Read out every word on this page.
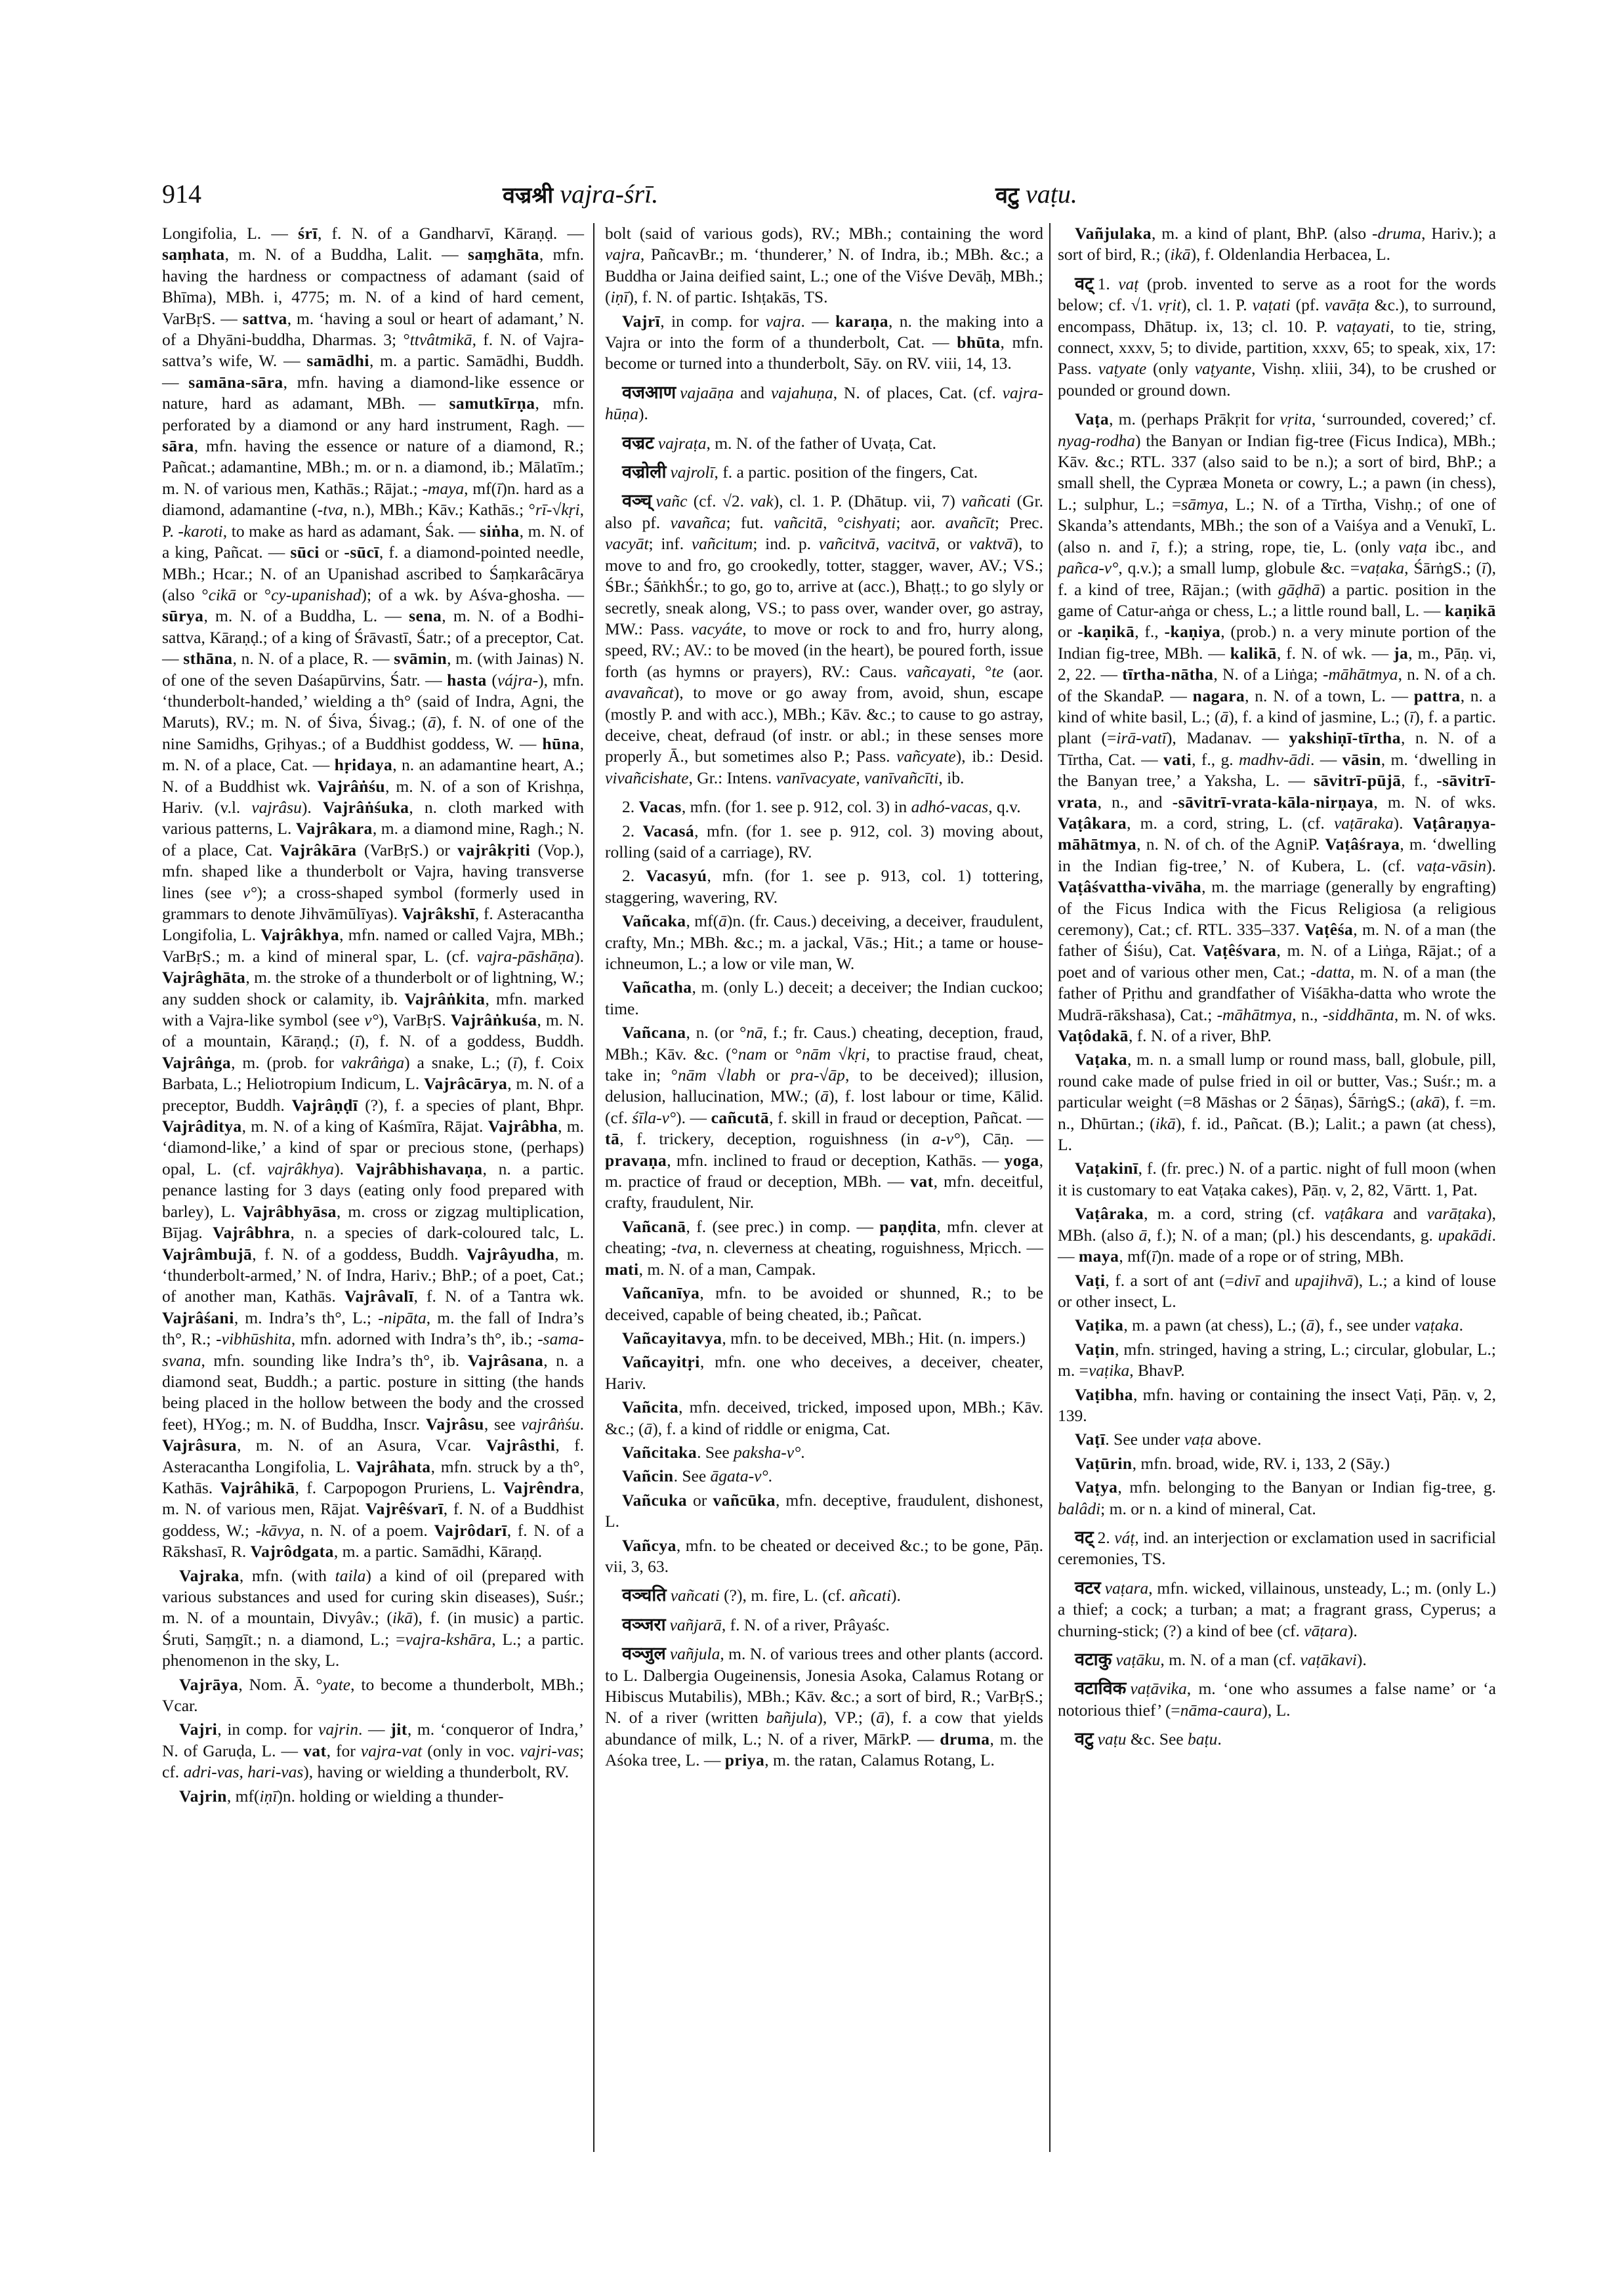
914	वज्रश्री vajra-śrī.	वटु vaṭu.

Longifolia, L. — śrī, f. N. of a Gandharvī, Kāraṇḍ. — saṃhata, m. N. of a Buddha, Lalit. — saṃghāta, mfn. having the hardness or compactness of adamant (said of Bhīma), MBh. i, 4775; m. N. of a kind of hard cement, VarBṛS. — sattva, m. ‘having a soul or heart of adamant,’ N. of a Dhyāni-buddha, Dharmas. 3; °ttvâtmikā, f. N. of Vajra-sattva’s wife, W. — samādhi, m. a partic. Samādhi, Buddh. — samāna-sāra, mfn. having a diamond-like essence or nature, hard as adamant, MBh. — samutkīrṇa, mfn. perforated by a diamond or any hard instrument, Ragh. — sāra, mfn. having the essence or nature of a diamond, R.; Pañcat.; adamantine, MBh.; m. or n. a diamond, ib.; Mālatīm.; m. N. of various men, Kathās.; Rājat.; -maya, mf(ī)n. hard as a diamond, adamantine (-tva, n.), MBh.; Kāv.; Kathās.; °rī-√kṛi, P. -karoti, to make as hard as adamant, Śak. — siṅha, m. N. of a king, Pañcat. — sūci or -sūcī, f. a diamond-pointed needle, MBh.; Hcar.; N. of an Upanishad ascribed to Śaṃkarâcārya (also °cikā or °cy-upanishad); of a wk. by Aśva-ghosha. — sūrya, m. N. of a Buddha, L. — sena, m. N. of a Bodhi-sattva, Kāraṇḍ.; of a king of Śrāvastī, Śatr.; of a preceptor, Cat. — sthāna, n. N. of a place, R. — svāmin, m. (with Jainas) N. of one of the seven Daśapūrvins, Śatr. — hasta (vájra-), mfn. ‘thunderbolt-handed,’ wielding a th° (said of Indra, Agni, the Maruts), RV.; m. N. of Śiva, Śivag.; (ā), f. N. of one of the nine Samidhs, Gṛihyas.; of a Buddhist goddess, W. — hūna, m. N. of a place, Cat. — hṛidaya, n. an adamantine heart, A.; N. of a Buddhist wk. Vajrâṅśu, m. N. of a son of Krishṇa, Hariv. (v.l. vajrâsu). Vajrâṅśuka, n. cloth marked with various patterns, L. Vajrâkara, m. a diamond mine, Ragh.; N. of a place, Cat. Vajrâkāra (VarBṛS.) or vajrâkṛiti (Vop.), mfn. shaped like a thunderbolt or Vajra, having transverse lines (see v°); a cross-shaped symbol (formerly used in grammars to denote Jihvāmūlīyas). Vajrâkshī, f. Asteracantha Longifolia, L. Vajrâkhya, mfn. named or called Vajra, MBh.; VarBṛS.; m. a kind of mineral spar, L. (cf. vajra-pāshāṇa). Vajrâghāta, m. the stroke of a thunderbolt or of lightning, W.; any sudden shock or calamity, ib. Vajrâṅkita, mfn. marked with a Vajra-like symbol (see v°), VarBṛS. Vajrâṅkuśa, m. N. of a mountain, Kāraṇḍ.; (ī), f. N. of a goddess, Buddh. Vajrâṅga, m. (prob. for vakrâṅga) a snake, L.; (ī), f. Coix Barbata, L.; Heliotropium Indicum, L. Vajrâcārya, m. N. of a preceptor, Buddh. Vajrâṇḍī (?), f. a species of plant, Bhpr. Vajrâditya, m. N. of a king of Kaśmīra, Rājat. Vajrâbha, m. ‘diamond-like,’ a kind of spar or precious stone, (perhaps) opal, L. (cf. vajrâkhya). Vajrâbhishavaṇa, n. a partic. penance lasting for 3 days (eating only food prepared with barley), L. Vajrâbhyāsa, m. cross or zigzag multiplication, Bījag. Vajrâbhra, n. a species of dark-coloured talc, L. Vajrâmbujā, f. N. of a goddess, Buddh. Vajrâyudha, m. ‘thunderbolt-armed,’ N. of Indra, Hariv.; BhP.; of a poet, Cat.; of another man, Kathās. Vajrâvalī, f. N. of a Tantra wk. Vajrâśani, m. Indra’s th°, L.; -nipāta, m. the fall of Indra’s th°, R.; -vibhūshita, mfn. adorned with Indra’s th°, ib.; -sama-svana, mfn. sounding like Indra’s th°, ib. Vajrâsana, n. a diamond seat, Buddh.; a partic. posture in sitting (the hands being placed in the hollow between the body and the crossed feet), HYog.; m. N. of Buddha, Inscr. Vajrâsu, see vajrâṅśu. Vajrâsura, m. N. of an Asura, Vcar. Vajrâsthi, f. Asteracantha Longifolia, L. Vajrâhata, mfn. struck by a th°, Kathās. Vajrâhikā, f. Carpopogon Pruriens, L. Vajrêndra, m. N. of various men, Rājat. Vajrêśvarī, f. N. of a Buddhist goddess, W.; -kāvya, n. N. of a poem. Vajrôdarī, f. N. of a Rākshasī, R. Vajrôdgata, m. a partic. Samādhi, Kāraṇḍ.

Vajraka, mfn. (with taila) a kind of oil (prepared with various substances and used for curing skin diseases), Suśr.; m. N. of a mountain, Divyâv.; (ikā), f. (in music) a partic. Śruti, Saṃgīt.; n. a diamond, L.; =vajra-kshāra, L.; a partic. phenomenon in the sky, L.

Vajrāya, Nom. Ā. °yate, to become a thunderbolt, MBh.; Vcar.

Vajri, in comp. for vajrin. — jit, m. ‘conqueror of Indra,’ N. of Garuḍa, L. — vat, for vajra-vat (only in voc. vajri-vas; cf. adri-vas, hari-vas), having or wielding a thunderbolt, RV.

Vajrin, mf(iṇī)n. holding or wielding a thunder-

bolt (said of various gods), RV.; MBh.; containing the word vajra, PañcavBr.; m. ‘thunderer,’ N. of Indra, ib.; MBh. &c.; a Buddha or Jaina deified saint, L.; one of the Viśve Devāḥ, MBh.; (iṇī), f. N. of partic. Ishṭakās, TS.

Vajrī, in comp. for vajra. — karaṇa, n. the making into a Vajra or into the form of a thunderbolt, Cat. — bhūta, mfn. become or turned into a thunderbolt, Sāy. on RV. viii, 14, 13.

वजआण vajaāṇa and vajahuṇa, N. of places, Cat. (cf. vajra-hūṇa).

वज्रट vajraṭa, m. N. of the father of Uvaṭa, Cat.

वज्रोली vajrolī, f. a partic. position of the fingers, Cat.

वञ्च् vañc (cf. √2. vak), cl. 1. P. (Dhātup. vii, 7) vañcati (Gr. also pf. vavañca; fut. vañcitā, °cishyati; aor. avañcīt; Prec. vacyāt; inf. vañcitum; ind. p. vañcitvā, vacitvā, or vaktvā), to move to and fro, go crookedly, totter, stagger, waver, AV.; VS.; ŚBr.; ŚāṅkhŚr.; to go, go to, arrive at (acc.), Bhaṭṭ.; to go slyly or secretly, sneak along, VS.; to pass over, wander over, go astray, MW.: Pass. vacyáte, to move or rock to and fro, hurry along, speed, RV.; AV.: to be moved (in the heart), be poured forth, issue forth (as hymns or prayers), RV.: Caus. vañcayati, °te (aor. avavañcat), to move or go away from, avoid, shun, escape (mostly P. and with acc.), MBh.; Kāv. &c.; to cause to go astray, deceive, cheat, defraud (of instr. or abl.; in these senses more properly Ā., but sometimes also P.; Pass. vañcyate), ib.: Desid. vivañcishate, Gr.: Intens. vanīvacyate, vanīvañcīti, ib.

2. Vacas, mfn. (for 1. see p. 912, col. 3) in adhó-vacas, q.v.

2. Vacasá, mfn. (for 1. see p. 912, col. 3) moving about, rolling (said of a carriage), RV.

2. Vacasyú, mfn. (for 1. see p. 913, col. 1) tottering, staggering, wavering, RV.

Vañcaka, mf(ā)n. (fr. Caus.) deceiving, a deceiver, fraudulent, crafty, Mn.; MBh. &c.; m. a jackal, Vās.; Hit.; a tame or house-ichneumon, L.; a low or vile man, W.

Vañcatha, m. (only L.) deceit; a deceiver; the Indian cuckoo; time.

Vañcana, n. (or °nā, f.; fr. Caus.) cheating, deception, fraud, MBh.; Kāv. &c. (°nam or °nām √kṛi, to practise fraud, cheat, take in; °nām √labh or pra-√āp, to be deceived); illusion, delusion, hallucination, MW.; (ā), f. lost labour or time, Kālid. (cf. śīla-v°). — cañcutā, f. skill in fraud or deception, Pañcat. — tā, f. trickery, deception, roguishness (in a-v°), Cāṇ. — pravaṇa, mfn. inclined to fraud or deception, Kathās. — yoga, m. practice of fraud or deception, MBh. — vat, mfn. deceitful, crafty, fraudulent, Nir.

Vañcanā, f. (see prec.) in comp. — paṇḍita, mfn. clever at cheating; -tva, n. cleverness at cheating, roguishness, Mṛicch. — mati, m. N. of a man, Campak.

Vañcanīya, mfn. to be avoided or shunned, R.; to be deceived, capable of being cheated, ib.; Pañcat.

Vañcayitavya, mfn. to be deceived, MBh.; Hit. (n. impers.)

Vañcayitṛi, mfn. one who deceives, a deceiver, cheater, Hariv.

Vañcita, mfn. deceived, tricked, imposed upon, MBh.; Kāv. &c.; (ā), f. a kind of riddle or enigma, Cat.

Vañcitaka. See paksha-v°.

Vañcin. See āgata-v°.

Vañcuka or vañcūka, mfn. deceptive, fraudulent, dishonest, L.

Vañcya, mfn. to be cheated or deceived &c.; to be gone, Pāṇ. vii, 3, 63.

वञ्चति vañcati (?), m. fire, L. (cf. añcati).

वञ्जरा vañjarā, f. N. of a river, Prâyaśc.

वञ्जुल vañjula, m. N. of various trees and other plants (accord. to L. Dalbergia Ougeinensis, Jonesia Asoka, Calamus Rotang or Hibiscus Mutabilis), MBh.; Kāv. &c.; a sort of bird, R.; VarBṛS.; N. of a river (written bañjula), VP.; (ā), f. a cow that yields abundance of milk, L.; N. of a river, MārkP. — druma, m. the Aśoka tree, L. — priya, m. the ratan, Calamus Rotang, L.

Vañjulaka, m. a kind of plant, BhP. (also -druma, Hariv.); a sort of bird, R.; (ikā), f. Oldenlandia Herbacea, L.

वट् 1. vaṭ (prob. invented to serve as a root for the words below; cf. √1. vṛit), cl. 1. P. vaṭati (pf. vavāṭa &c.), to surround, encompass, Dhātup. ix, 13; cl. 10. P. vaṭayati, to tie, string, connect, xxxv, 5; to divide, partition, xxxv, 65; to speak, xix, 17: Pass. vaṭyate (only vaṭyante, Vishṇ. xliii, 34), to be crushed or pounded or ground down.

Vaṭa, m. (perhaps Prākṛit for vṛita, ‘surrounded, covered;’ cf. nyag-rodha) the Banyan or Indian fig-tree (Ficus Indica), MBh.; Kāv. &c.; RTL. 337 (also said to be n.); a sort of bird, BhP.; a small shell, the Cypræa Moneta or cowry, L.; a pawn (in chess), L.; sulphur, L.; =sāmya, L.; N. of a Tīrtha, Vishṇ.; of one of Skanda’s attendants, MBh.; the son of a Vaiśya and a Venukī, L. (also n. and ī, f.); a string, rope, tie, L. (only vaṭa ibc., and pañca-v°, q.v.); a small lump, globule &c. =vaṭaka, ŚārṅgS.; (ī), f. a kind of tree, Rājan.; (with gāḍhā) a partic. position in the game of Catur-aṅga or chess, L.; a little round ball, L. — kaṇikā or -kaṇikā, f., -kaṇiya, (prob.) n. a very minute portion of the Indian fig-tree, MBh. — kalikā, f. N. of wk. — ja, m., Pāṇ. vi, 2, 22. — tīrtha-nātha, N. of a Liṅga; -māhātmya, n. N. of a ch. of the SkandaP. — nagara, n. N. of a town, L. — pattra, n. a kind of white basil, L.; (ā), f. a kind of jasmine, L.; (ī), f. a partic. plant (=irā-vatī), Madanav. — yakshiṇī-tīrtha, n. N. of a Tīrtha, Cat. — vati, f., g. madhv-ādi. — vāsin, m. ‘dwelling in the Banyan tree,’ a Yaksha, L. — sāvitrī-pūjā, f., -sāvitrī-vrata, n., and -sāvitrī-vrata-kāla-nirṇaya, m. N. of wks. Vaṭâkara, m. a cord, string, L. (cf. vaṭāraka). Vaṭâraṇya-māhātmya, n. N. of ch. of the AgniP. Vaṭâśraya, m. ‘dwelling in the Indian fig-tree,’ N. of Kubera, L. (cf. vaṭa-vāsin). Vaṭâśvattha-vivāha, m. the marriage (generally by engrafting) of the Ficus Indica with the Ficus Religiosa (a religious ceremony), Cat.; cf. RTL. 335–337. Vaṭêśa, m. N. of a man (the father of Śiśu), Cat. Vaṭêśvara, m. N. of a Liṅga, Rājat.; of a poet and of various other men, Cat.; -datta, m. N. of a man (the father of Pṛithu and grandfather of Viśākha-datta who wrote the Mudrā-rākshasa), Cat.; -māhātmya, n., -siddhānta, m. N. of wks. Vaṭôdakā, f. N. of a river, BhP.

Vaṭaka, m. n. a small lump or round mass, ball, globule, pill, round cake made of pulse fried in oil or butter, Vas.; Suśr.; m. a particular weight (=8 Māshas or 2 Śāṇas), ŚārṅgS.; (akā), f. =m. n., Dhūrtan.; (ikā), f. id., Pañcat. (B.); Lalit.; a pawn (at chess), L.

Vaṭakinī, f. (fr. prec.) N. of a partic. night of full moon (when it is customary to eat Vaṭaka cakes), Pāṇ. v, 2, 82, Vārtt. 1, Pat.

Vaṭâraka, m. a cord, string (cf. vaṭâkara and varāṭaka), MBh. (also ā, f.); N. of a man; (pl.) his descendants, g. upakādi. — maya, mf(ī)n. made of a rope or of string, MBh.

Vaṭi, f. a sort of ant (=divī and upajihvā), L.; a kind of louse or other insect, L.

Vaṭika, m. a pawn (at chess), L.; (ā), f., see under vaṭaka.

Vaṭin, mfn. stringed, having a string, L.; circular, globular, L.; m. =vaṭika, BhavP.

Vaṭibha, mfn. having or containing the insect Vaṭi, Pāṇ. v, 2, 139.

Vaṭī. See under vaṭa above.

Vaṭūrin, mfn. broad, wide, RV. i, 133, 2 (Sāy.)

Vaṭya, mfn. belonging to the Banyan or Indian fig-tree, g. balâdi; m. or n. a kind of mineral, Cat.

वट् 2. váṭ, ind. an interjection or exclamation used in sacrificial ceremonies, TS.

वटर vaṭara, mfn. wicked, villainous, unsteady, L.; m. (only L.) a thief; a cock; a turban; a mat; a fragrant grass, Cyperus; a churning-stick; (?) a kind of bee (cf. vāṭara).

वटाकु vaṭāku, m. N. of a man (cf. vaṭākavi).

वटाविक vaṭāvika, m. ‘one who assumes a false name’ or ‘a notorious thief’ (=nāma-caura), L.

वटु vaṭu &c. See baṭu.
